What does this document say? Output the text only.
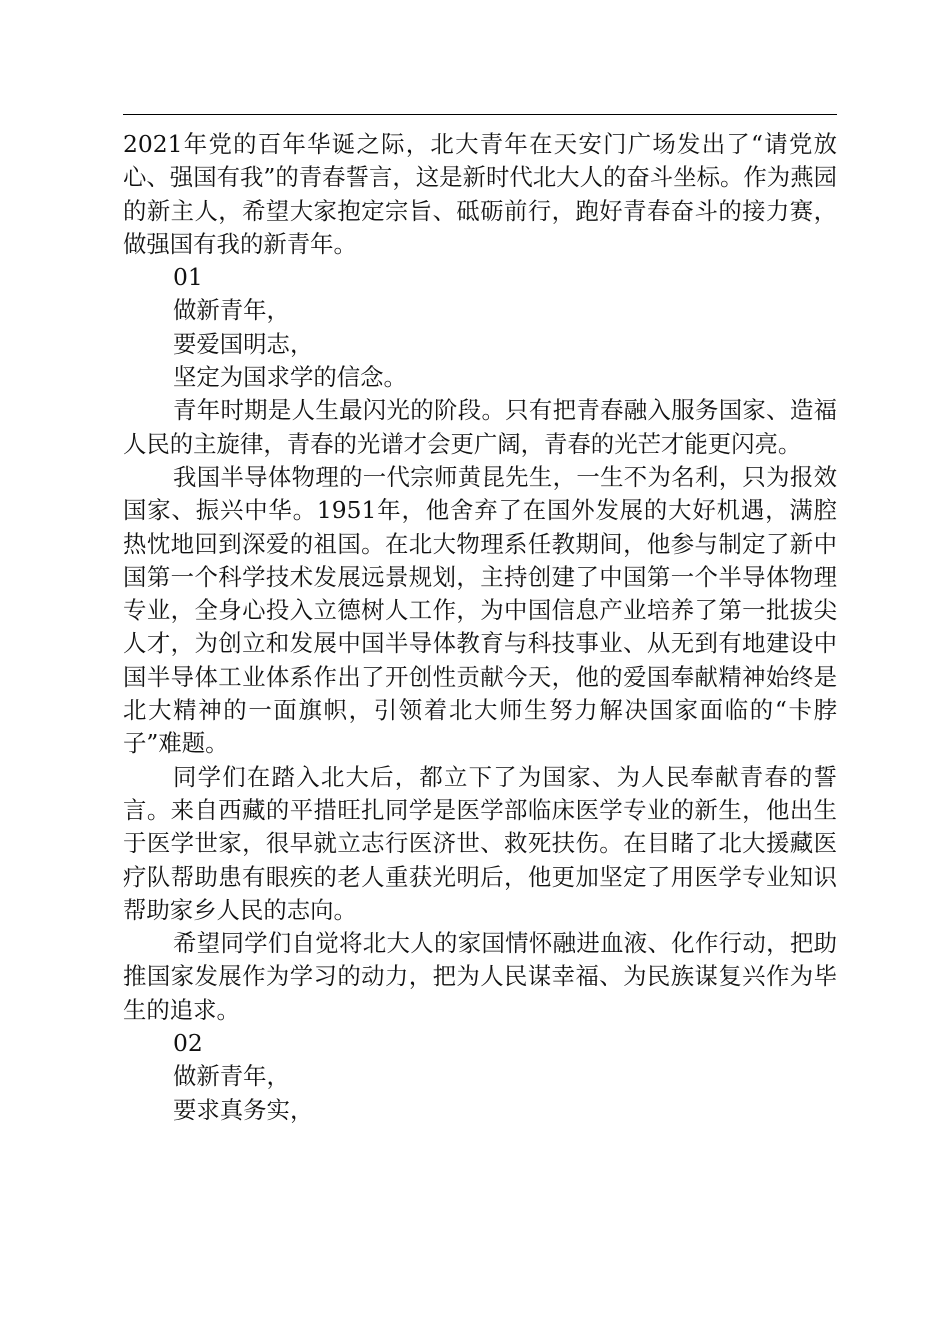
2021年党的百年华诞之际，北大青年在天安门广场发出了“请党放心、强国有我”的青春誓言，这是新时代北大人的奋斗坐标。作为燕园的新主人，希望大家抱定宗旨、砥砺前行，跑好青春奋斗的接力赛，做强国有我的新青年。

01

做新青年，

要爱国明志，

坚定为国求学的信念。

青年时期是人生最闪光的阶段。只有把青春融入服务国家、造福人民的主旋律，青春的光谱才会更广阔，青春的光芒才能更闪亮。

我国半导体物理的一代宗师黄昆先生，一生不为名利，只为报效国家、振兴中华。1951年，他舍弃了在国外发展的大好机遇，满腔热忱地回到深爱的祖国。在北大物理系任教期间，他参与制定了新中国第一个科学技术发展远景规划，主持创建了中国第一个半导体物理专业，全身心投入立德树人工作，为中国信息产业培养了第一批拔尖人才，为创立和发展中国半导体教育与科技事业、从无到有地建设中国半导体工业体系作出了开创性贡献今天，他的爱国奉献精神始终是北大精神的一面旗帜，引领着北大师生努力解决国家面临的“卡脖子”难题。

同学们在踏入北大后，都立下了为国家、为人民奉献青春的誓言。来自西藏的平措旺扎同学是医学部临床医学专业的新生，他出生于医学世家，很早就立志行医济世、救死扶伤。在目睹了北大援藏医疗队帮助患有眼疾的老人重获光明后，他更加坚定了用医学专业知识帮助家乡人民的志向。

希望同学们自觉将北大人的家国情怀融进血液、化作行动，把助推国家发展作为学习的动力，把为人民谋幸福、为民族谋复兴作为毕生的追求。

02

做新青年，

要求真务实，
